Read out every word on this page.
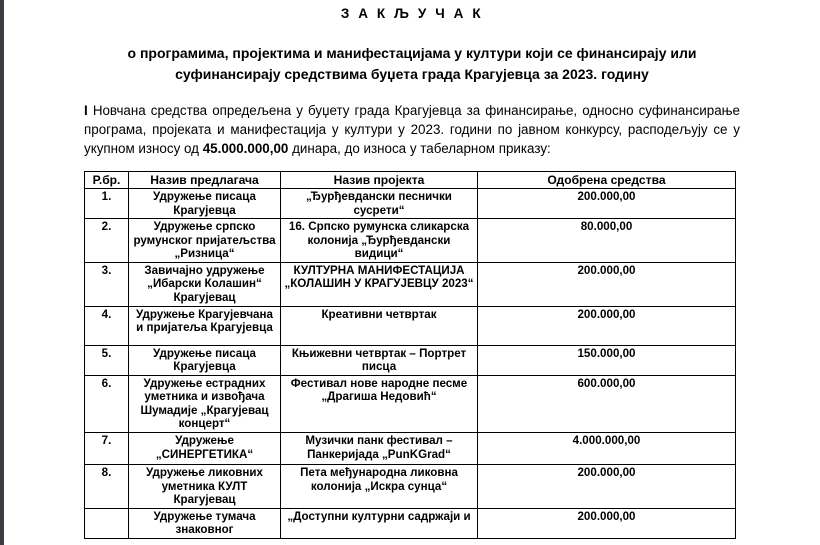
З А К Љ У Ч А К
о програмима, пројектима и манифестацијама у култури који се финансирају или
суфинансирају средствима буџета града Крагујевца за 2023. годину

I Новчана средства опредељена у буџету града Крагујевца за финансирање, односно суфинансирање програма, пројеката и манифестација у култури у 2023. години по јавном конкурсу, расподељују се у укупном износу од 45.000.000,00 динара, до износа у табеларном приказу:

Р.бр.	Назив предлагача	Назив пројекта	Одобрена средства
1.	Удружење писаца Крагујевца	„Ђурђевдански песнички сусрети“	200.000,00
2.	Удружење српско румунског пријатељства „Ризница“	16. Српско румунска сликарска колонија „Ђурђевдански видици“	80.000,00
3.	Завичајно удружење „Ибарски Колашин“ Крагујевац	КУЛТУРНА МАНИФЕСТАЦИЈА „КОЛАШИН У КРАГУЈЕВЦУ 2023“	200.000,00
4.	Удружење Крагујевчана и пријатеља Крагујевца	Креативни четвртак	200.000,00
5.	Удружење писаца Крагујевца	Књижевни четвртак – Портрет писца	150.000,00
6.	Удружење естрадних уметника и извођача Шумадије „Крагујевац концерт“	Фестивал нове народне песме „Драгиша Недовић“	600.000,00
7.	Удружење „СИНЕРГЕТИКА“	Музички панк фестивал – Панкеријада „PunKGrad“	4.000.000,00
8.	Удружење ликовних уметника КУЛТ Крагујевац	Пета међународна ликовна колонија „Искра сунца“	200.000,00
	Удружење тумача знаковног	„Доступни културни садржаји и	200.000,00
